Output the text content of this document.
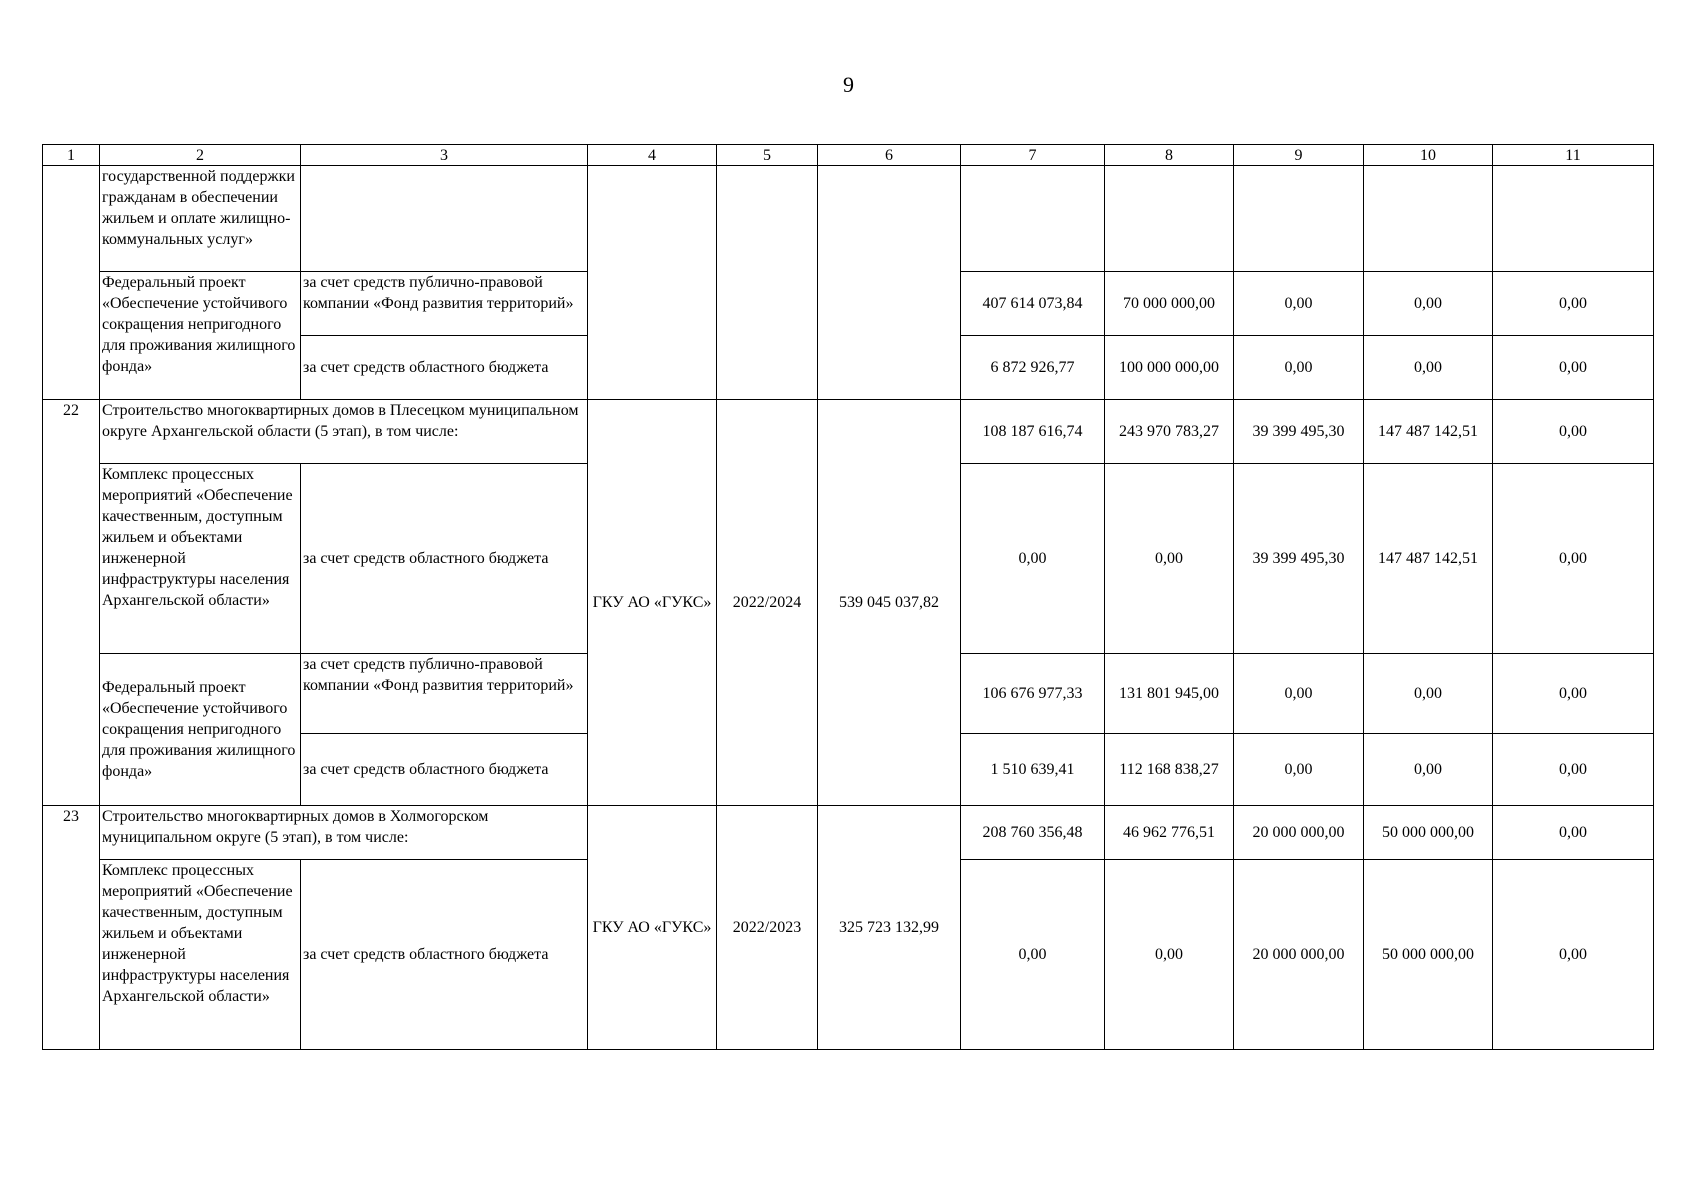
9
1	2	3	4	5	6	7	8	9	10	11
	государственной поддержки гражданам в обеспечении жильем и оплате жилищно-коммунальных услуг»									
	Федеральный проект «Обеспечение устойчивого сокращения непригодного для проживания жилищного фонда»	за счет средств публично-правовой компании «Фонд развития территорий»				407 614 073,84	70 000 000,00	0,00	0,00	0,00
		за счет средств областного бюджета				6 872 926,77	100 000 000,00	0,00	0,00	0,00
22	Строительство многоквартирных домов в Плесецком муниципальном округе Архангельской области (5 этап), в том числе:		ГКУ АО «ГУКС»	2022/2024	539 045 037,82	108 187 616,74	243 970 783,27	39 399 495,30	147 487 142,51	0,00
	Комплекс процессных мероприятий «Обеспечение качественным, доступным жильем и объектами инженерной инфраструктуры населения Архангельской области»	за счет средств областного бюджета				0,00	0,00	39 399 495,30	147 487 142,51	0,00
	Федеральный проект «Обеспечение устойчивого сокращения непригодного для проживания жилищного фонда»	за счет средств публично-правовой компании «Фонд развития территорий»				106 676 977,33	131 801 945,00	0,00	0,00	0,00
		за счет средств областного бюджета				1 510 639,41	112 168 838,27	0,00	0,00	0,00
23	Строительство многоквартирных домов в Холмогорском муниципальном округе (5 этап), в том числе:		ГКУ АО «ГУКС»	2022/2023	325 723 132,99	208 760 356,48	46 962 776,51	20 000 000,00	50 000 000,00	0,00
	Комплекс процессных мероприятий «Обеспечение качественным, доступным жильем и объектами инженерной инфраструктуры населения Архангельской области»	за счет средств областного бюджета				0,00	0,00	20 000 000,00	50 000 000,00	0,00
